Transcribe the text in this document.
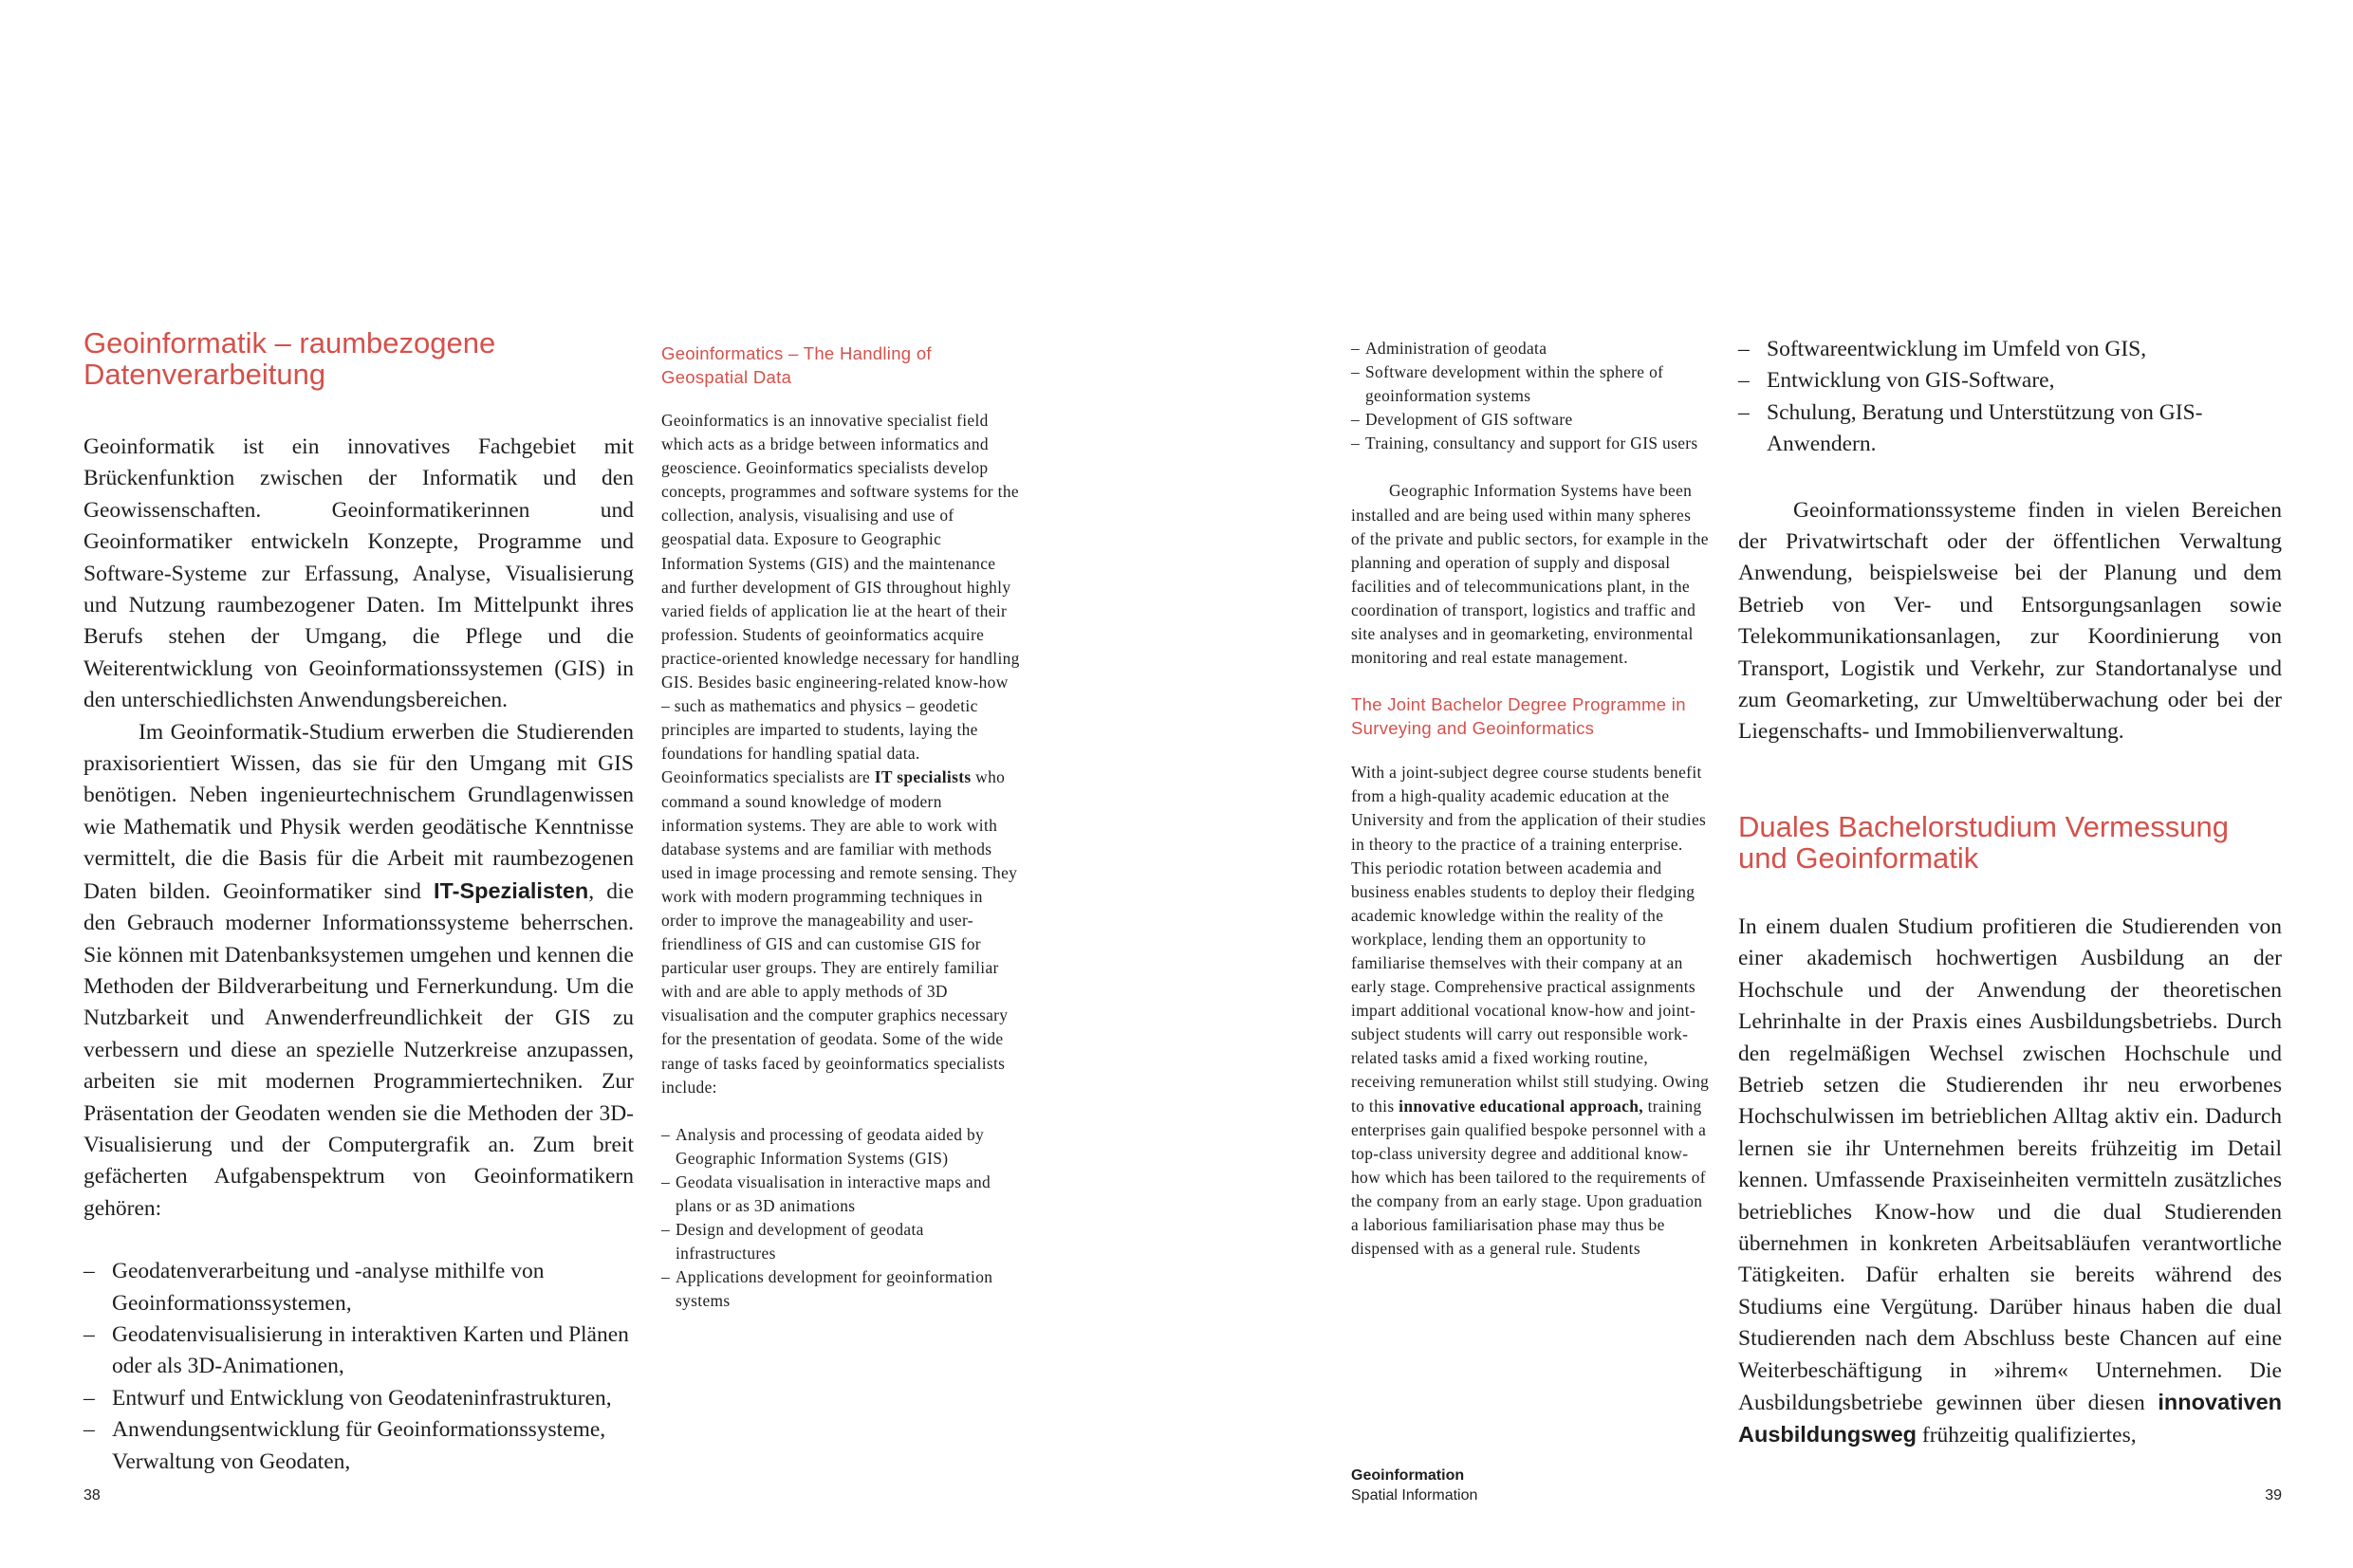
Geoinformatik – raumbezogene Datenverarbeitung

Geoinformatik ist ein innovatives Fachgebiet mit Brückenfunktion zwischen der Informatik und den Geowissenschaften. Geoinformatikerinnen und Geoinformatiker entwickeln Konzepte, Programme und Software-Systeme zur Erfassung, Analyse, Visualisierung und Nutzung raumbezogener Daten. Im Mittelpunkt ihres Berufs stehen der Umgang, die Pflege und die Weiterentwicklung von Geoinformationssystemen (GIS) in den unterschiedlichsten Anwendungsbereichen.

Im Geoinformatik-Studium erwerben die Studierenden praxisorientiert Wissen, das sie für den Umgang mit GIS benötigen. Neben ingenieurtechnischem Grundlagenwissen wie Mathematik und Physik werden geodätische Kenntnisse vermittelt, die die Basis für die Arbeit mit raumbezogenen Daten bilden. Geoinformatiker sind IT-Spezialisten, die den Gebrauch moderner Informationssysteme beherrschen. Sie können mit Datenbanksystemen umgehen und kennen die Methoden der Bildverarbeitung und Fernerkundung. Um die Nutzbarkeit und Anwenderfreundlichkeit der GIS zu verbessern und diese an spezielle Nutzerkreise anzupassen, arbeiten sie mit modernen Programmiertechniken. Zur Präsentation der Geodaten wenden sie die Methoden der 3D-Visualisierung und der Computergrafik an. Zum breit gefächerten Aufgabenspektrum von Geoinformatikern gehören:

– Geodatenverarbeitung und -analyse mithilfe von Geoinformationssystemen,
– Geodatenvisualisierung in interaktiven Karten und Plänen oder als 3D-Animationen,
– Entwurf und Entwicklung von Geodateninfrastrukturen,
– Anwendungsentwicklung für Geoinformationssysteme, Verwaltung von Geodaten,
Geoinformatics – The Handling of Geospatial Data

Geoinformatics is an innovative specialist field which acts as a bridge between informatics and geoscience. Geoinformatics specialists develop concepts, programmes and software systems for the collection, analysis, visualising and use of geospatial data. Exposure to Geographic Information Systems (GIS) and the maintenance and further development of GIS throughout highly varied fields of application lie at the heart of their profession. Students of geoinformatics acquire practice-oriented knowledge necessary for handling GIS. Besides basic engineering-related know-how – such as mathematics and physics – geodetic principles are imparted to students, laying the foundations for handling spatial data. Geoinformatics specialists are IT specialists who command a sound knowledge of modern information systems. They are able to work with database systems and are familiar with methods used in image processing and remote sensing. They work with modern programming techniques in order to improve the manageability and user-friendliness of GIS and can customise GIS for particular user groups. They are entirely familiar with and are able to apply methods of 3D visualisation and the computer graphics necessary for the presentation of geodata. Some of the wide range of tasks faced by geoinformatics specialists include:

– Analysis and processing of geodata aided by Geographic Information Systems (GIS)
– Geodata visualisation in interactive maps and plans or as 3D animations
– Design and development of geodata infrastructures
– Applications development for geoinformation systems
38
– Administration of geodata
– Software development within the sphere of geoinformation systems
– Development of GIS software
– Training, consultancy and support for GIS users

Geographic Information Systems have been installed and are being used within many spheres of the private and public sectors, for example in the planning and operation of supply and disposal facilities and of telecommunications plant, in the coordination of transport, logistics and traffic and site analyses and in geomarketing, environmental monitoring and real estate management.

The Joint Bachelor Degree Programme in Surveying and Geoinformatics

With a joint-subject degree course students benefit from a high-quality academic education at the University and from the application of their studies in theory to the practice of a training enterprise. This periodic rotation between academia and business enables students to deploy their fledging academic knowledge within the reality of the workplace, lending them an opportunity to familiarise themselves with their company at an early stage. Comprehensive practical assignments impart additional vocational know-how and joint-subject students will carry out responsible work-related tasks amid a fixed working routine, receiving remuneration whilst still studying. Owing to this innovative educational approach, training enterprises gain qualified bespoke personnel with a top-class university degree and additional know-how which has been tailored to the requirements of the company from an early stage. Upon graduation a laborious familiarisation phase may thus be dispensed with as a general rule. Students

– Softwareentwicklung im Umfeld von GIS,
– Entwicklung von GIS-Software,
– Schulung, Beratung und Unterstützung von GIS-Anwendern.

Geoinformationssysteme finden in vielen Bereichen der Privatwirtschaft oder der öffentlichen Verwaltung Anwendung, beispielsweise bei der Planung und dem Betrieb von Ver- und Entsorgungsanlagen sowie Telekommunikationsanlagen, zur Koordinierung von Transport, Logistik und Verkehr, zur Standortanalyse und zum Geomarketing, zur Umweltüberwachung oder bei der Liegenschafts- und Immobilienverwaltung.

Duales Bachelorstudium Vermessung und Geoinformatik

In einem dualen Studium profitieren die Studierenden von einer akademisch hochwertigen Ausbildung an der Hochschule und der Anwendung der theoretischen Lehrinhalte in der Praxis eines Ausbildungsbetriebs. Durch den regelmäßigen Wechsel zwischen Hochschule und Betrieb setzen die Studierenden ihr neu erworbenes Hochschulwissen im betrieblichen Alltag aktiv ein. Dadurch lernen sie ihr Unternehmen bereits frühzeitig im Detail kennen. Umfassende Praxiseinheiten vermitteln zusätzliches betriebliches Know-how und die dual Studierenden übernehmen in konkreten Arbeitsabläufen verantwortliche Tätigkeiten. Dafür erhalten sie bereits während des Studiums eine Vergütung. Darüber hinaus haben die dual Studierenden nach dem Abschluss beste Chancen auf eine Weiterbeschäftigung in »ihrem« Unternehmen. Die Ausbildungsbetriebe gewinnen über diesen innovativen Ausbildungsweg frühzeitig qualifiziertes,

Geoinformation
Spatial Information	39
